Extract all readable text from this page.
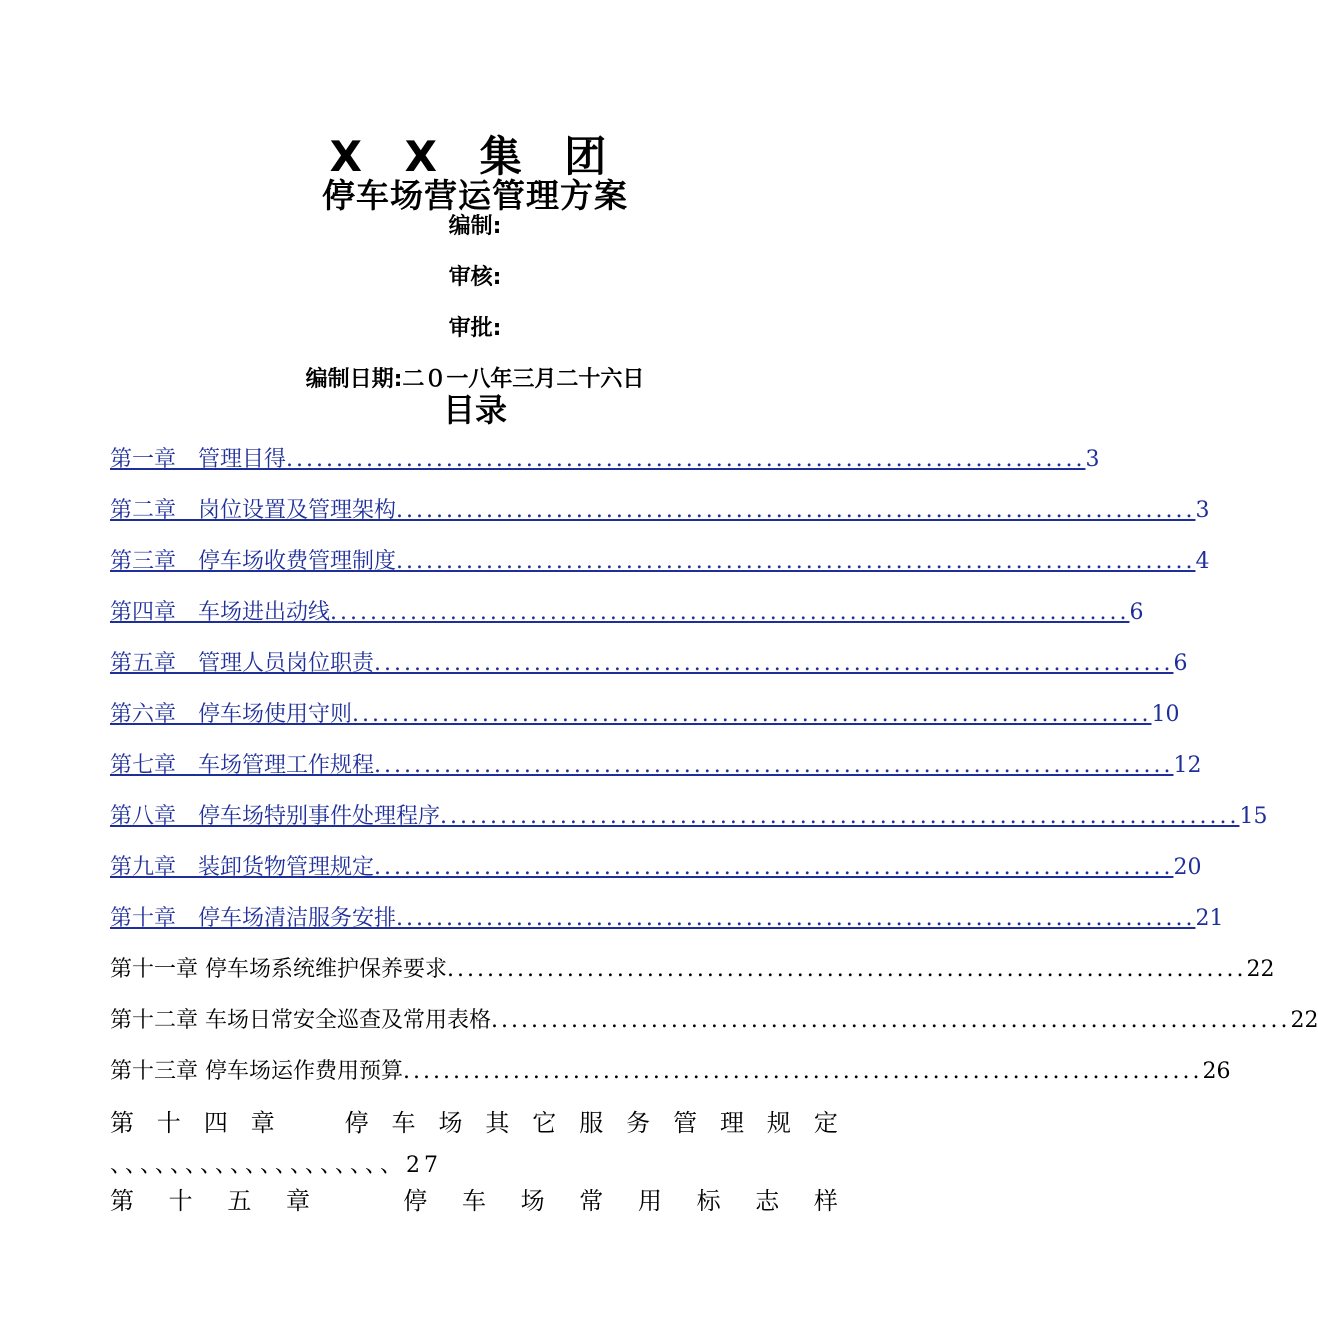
X X 集 团
停车场营运管理方案
编制:
审核:
审批:
编制日期:二０一八年三月二十六日
目录
第一章　管理目得 ................................................................................ 3
第二章　岗位设置及管理架构 ................................................................................ 3
第三章　停车场收费管理制度 ................................................................................ 4
第四章　车场进出动线 ................................................................................ 6
第五章　管理人员岗位职责 ................................................................................ 6
第六章　停车场使用守则 ................................................................................ 10
第七章　车场管理工作规程 ................................................................................ 12
第八章　停车场特别事件处理程序 ................................................................................ 15
第九章　装卸货物管理规定 ................................................................................ 20
第十章　停车场清洁服务安排 ................................................................................ 21
第十一章 停车场系统维护保养要求 ................................................................................ 22
第十二章 车场日常安全巡查及常用表格 ................................................................................ 22
第十三章 停车场运作费用预算 ................................................................................ 26
第 十 四 章	停 车 场 其 它 服 务 管 理 规 定
、、、、、、、、、、、、、、、、、、、27
第 十 五 章	停 车 场 常 用 标 志 样
